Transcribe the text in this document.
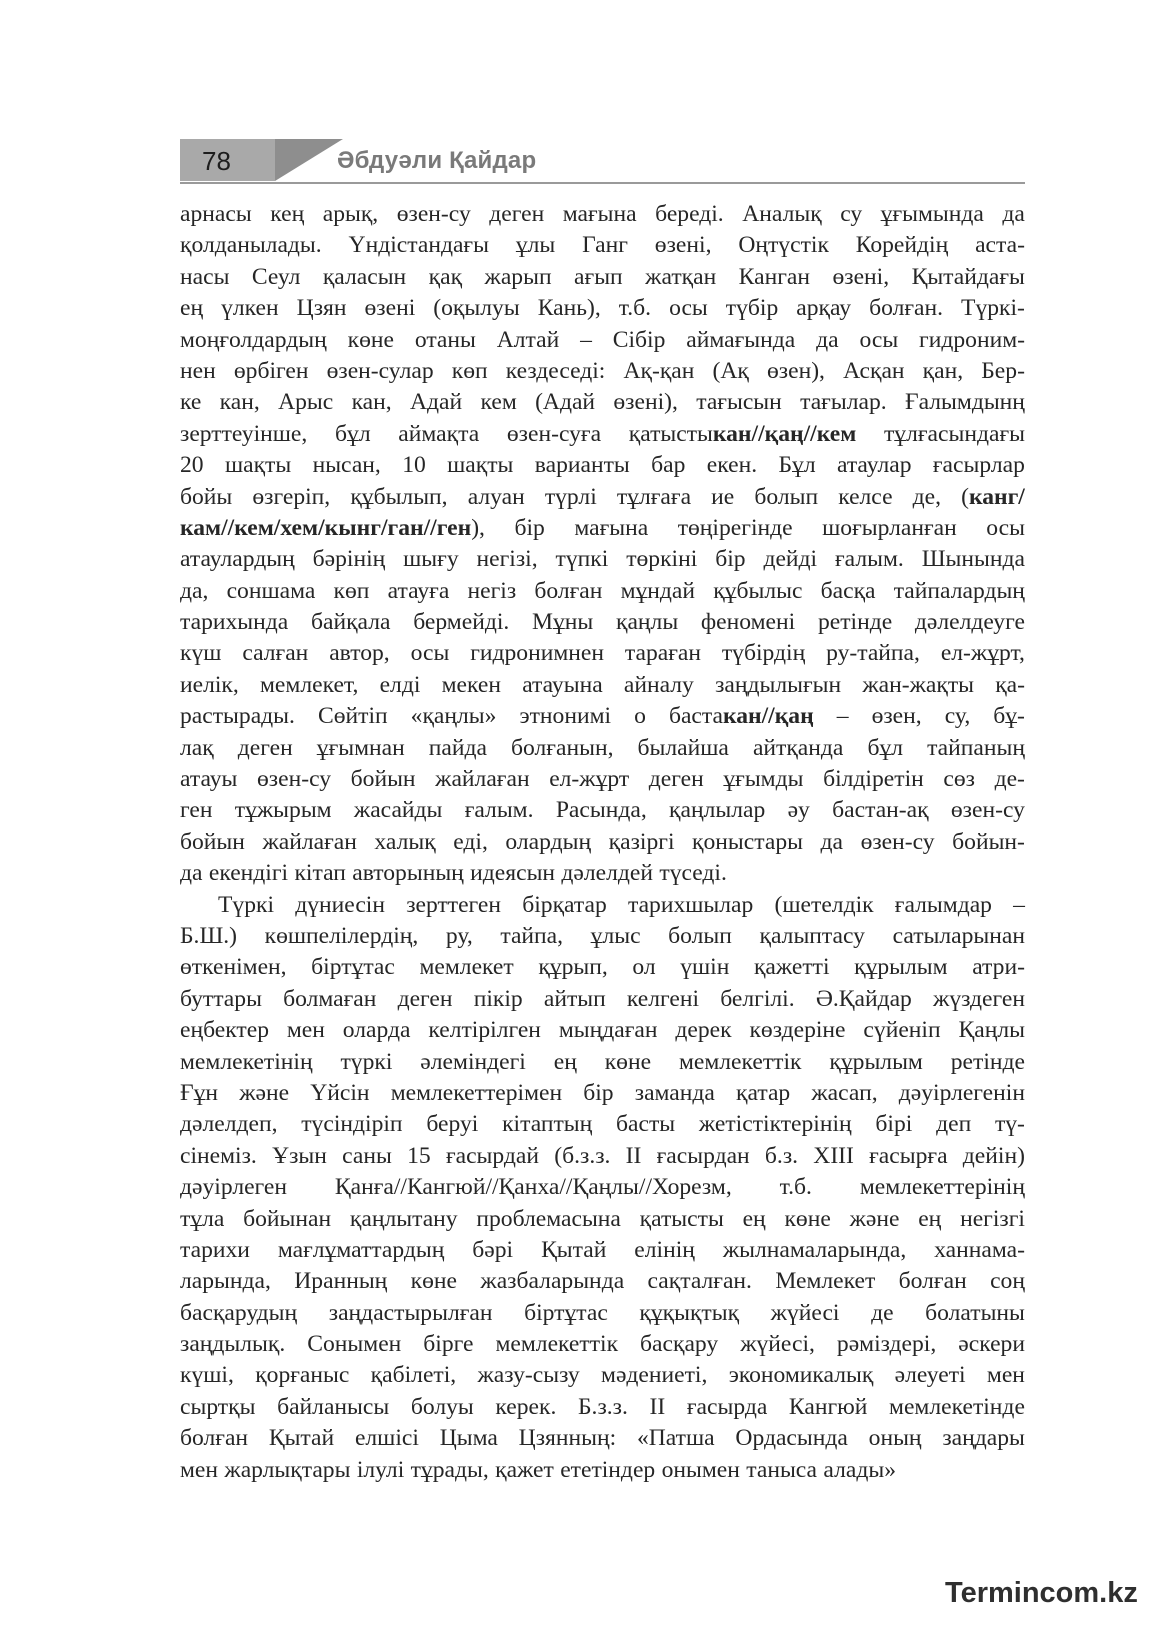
78	Әбдуәли Қайдар
арнасы кең арық, өзен-су деген мағына береді. Аналық су ұғымында да
қолданылады. Үндістандағы ұлы Ганг өзені, Оңтүстік Корейдің аста-
насы Сеул қаласын қақ жарып ағып жатқан Канган өзені, Қытайдағы
ең үлкен Цзян өзені (оқылуы Кань), т.б. осы түбір арқау болған. Түркі-
моңғолдардың көне отаны Алтай – Сібір аймағында да осы гидроним-
нен өрбіген өзен-сулар көп кездеседі: Ақ-қан (Ақ өзен), Асқан қан, Бер-
ке кан, Арыс кан, Адай кем (Адай өзені), тағысын тағылар. Ғалымдынң
зерттеуінше, бұл аймақта өзен-суға қатыстыкан//қаң//кем тұлғасындағы
20 шақты нысан, 10 шақты варианты бар екен. Бұл атаулар ғасырлар
бойы өзгеріп, құбылып, алуан түрлі тұлғаға ие болып келсе де, (канг/
кам//кем/хем/кынг/ган//ген), бір мағына төңірегінде шоғырланған осы
атаулардың бәрінің шығу негізі, түпкі төркіні бір дейді ғалым. Шынында
да, соншама көп атауға негіз болған мұндай құбылыс басқа тайпалардың
тарихында байқала бермейді. Мұны қаңлы феномені ретінде дәлелдеуге
күш салған автор, осы гидронимнен тараған түбірдің ру-тайпа, ел-жұрт,
иелік, мемлекет, елді мекен атауына айналу заңдылығын жан-жақты қа-
растырады. Сөйтіп «қаңлы» этнонимі о бастакан//қаң – өзен, су, бұ-
лақ деген ұғымнан пайда болғанын, былайша айтқанда бұл тайпаның
атауы өзен-су бойын жайлаған ел-жұрт деген ұғымды білдіретін сөз де-
ген тұжырым жасайды ғалым. Расында, қаңлылар әу бастан-ақ өзен-су
бойын жайлаған халық еді, олардың қазіргі қоныстары да өзен-су бойын-
да екендігі кітап авторының идеясын дәлелдей түседі.
Түркі дүниесін зерттеген бірқатар тарихшылар (шетелдік ғалымдар –
Б.Ш.) көшпелілердің, ру, тайпа, ұлыс болып қалыптасу сатыларынан
өткенімен, біртұтас мемлекет құрып, ол үшін қажетті құрылым атри-
буттары болмаған деген пікір айтып келгені белгілі. Ә.Қайдар жүздеген
еңбектер мен оларда келтірілген мыңдаған дерек көздеріне сүйеніп Қаңлы
мемлекетінің түркі әлеміндегі ең көне мемлекеттік құрылым ретінде
Ғұн және Үйсін мемлекеттерімен бір заманда қатар жасап, дәуірлегенін
дәлелдеп, түсіндіріп беруі кітаптың басты жетістіктерінің бірі деп тү-
сінеміз. Ұзын саны 15 ғасырдай (б.з.з. II ғасырдан б.з. XIII ғасырға дейін)
дәуірлеген Қанға//Кангюй//Қанха//Қаңлы//Хорезм, т.б. мемлекеттерінің
тұла бойынан қаңлытану проблемасына қатысты ең көне және ең негізгі
тарихи мағлұматтардың бәрі Қытай елінің жылнамаларында, ханнама-
ларында, Иранның көне жазбаларында сақталған. Мемлекет болған соң
басқарудың заңдастырылған біртұтас құқықтық жүйесі де болатыны
заңдылық. Сонымен бірге мемлекеттік басқару жүйесі, рәміздері, әскери
күші, қорғаныс қабілеті, жазу-сызу мәдениеті, экономикалық әлеуеті мен
сыртқы байланысы болуы керек. Б.з.з. II ғасырда Кангюй мемлекетінде
болған Қытай елшісі Цыма Цзянның: «Патша Ордасында оның заңдары
мен жарлықтары ілулі тұрады, қажет ететіндер онымен таныса алады»
Termincom.kz
